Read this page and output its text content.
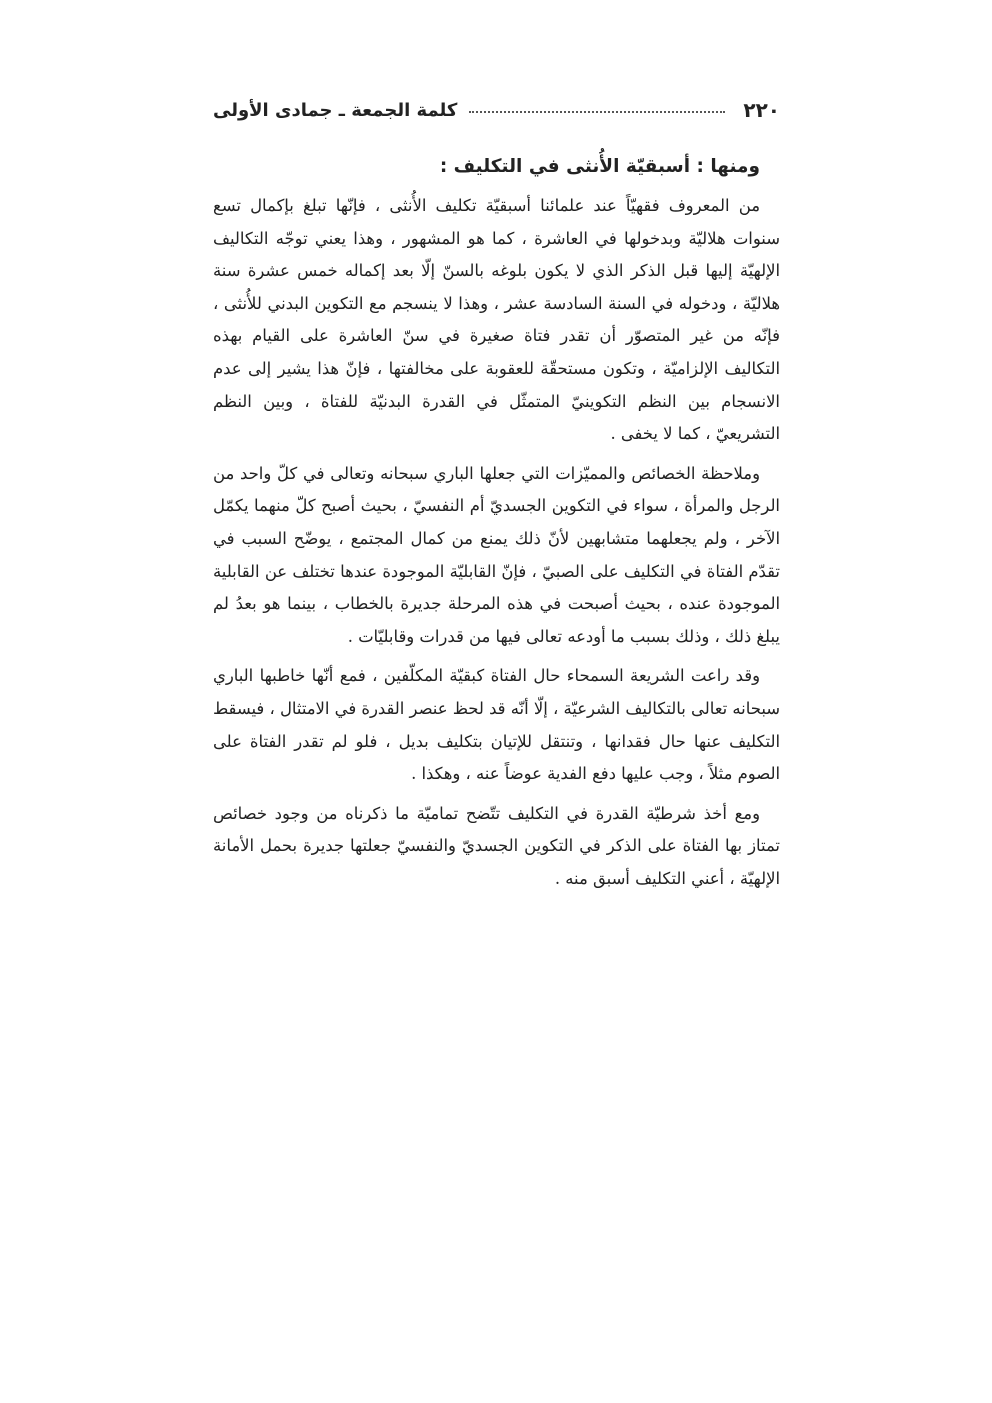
٢٢٠
كلمة الجمعة ـ جمادى الأولى
ومنها : أسبقيّة الأُنثى في التكليف :

من المعروف فقهيّاً عند علمائنا أسبقيّة تكليف الأُنثى ، فإنّها تبلغ بإكمال تسع سنوات هلاليّة وبدخولها في العاشرة ، كما هو المشهور ، وهذا يعني توجّه التكاليف الإلهيّة إليها قبل الذكر الذي لا يكون بلوغه بالسنّ إلّا بعد إكماله خمس عشرة سنة هلاليّة ، ودخوله في السنة السادسة عشر ، وهذا لا ينسجم مع التكوين البدني للأُنثى ، فإنّه من غير المتصوّر أن تقدر فتاة صغيرة في سنّ العاشرة على القيام بهذه التكاليف الإلزاميّة ، وتكون مستحقّة للعقوبة على مخالفتها ، فإنّ هذا يشير إلى عدم الانسجام بين النظم التكوينيّ المتمثّل في القدرة البدنيّة للفتاة ، وبين النظم التشريعيّ ، كما لا يخفى .

وملاحظة الخصائص والمميّزات التي جعلها الباري سبحانه وتعالى في كلّ واحد من الرجل والمرأة ، سواء في التكوين الجسديّ أم النفسيّ ، بحيث أصبح كلّ منهما يكمّل الآخر ، ولم يجعلهما متشابهين لأنّ ذلك يمنع من كمال المجتمع ، يوضّح السبب في تقدّم الفتاة في التكليف على الصبيّ ، فإنّ القابليّة الموجودة عندها تختلف عن القابلية الموجودة عنده ، بحيث أصبحت في هذه المرحلة جديرة بالخطاب ، بينما هو بعدُ لم يبلغ ذلك ، وذلك بسبب ما أودعه تعالى فيها من قدرات وقابليّات .

وقد راعت الشريعة السمحاء حال الفتاة كبقيّة المكلّفين ، فمع أنّها خاطبها الباري سبحانه تعالى بالتكاليف الشرعيّة ، إلّا أنّه قد لحظ عنصر القدرة في الامتثال ، فيسقط التكليف عنها حال فقدانها ، وتنتقل للإتيان بتكليف بديل ، فلو لم تقدر الفتاة على الصوم مثلاً ، وجب عليها دفع الفدية عوضاً عنه ، وهكذا .

ومع أخذ شرطيّة القدرة في التكليف تتّضح تماميّة ما ذكرناه من وجود خصائص تمتاز بها الفتاة على الذكر في التكوين الجسديّ والنفسيّ جعلتها جديرة بحمل الأمانة الإلهيّة ، أعني التكليف أسبق منه .
